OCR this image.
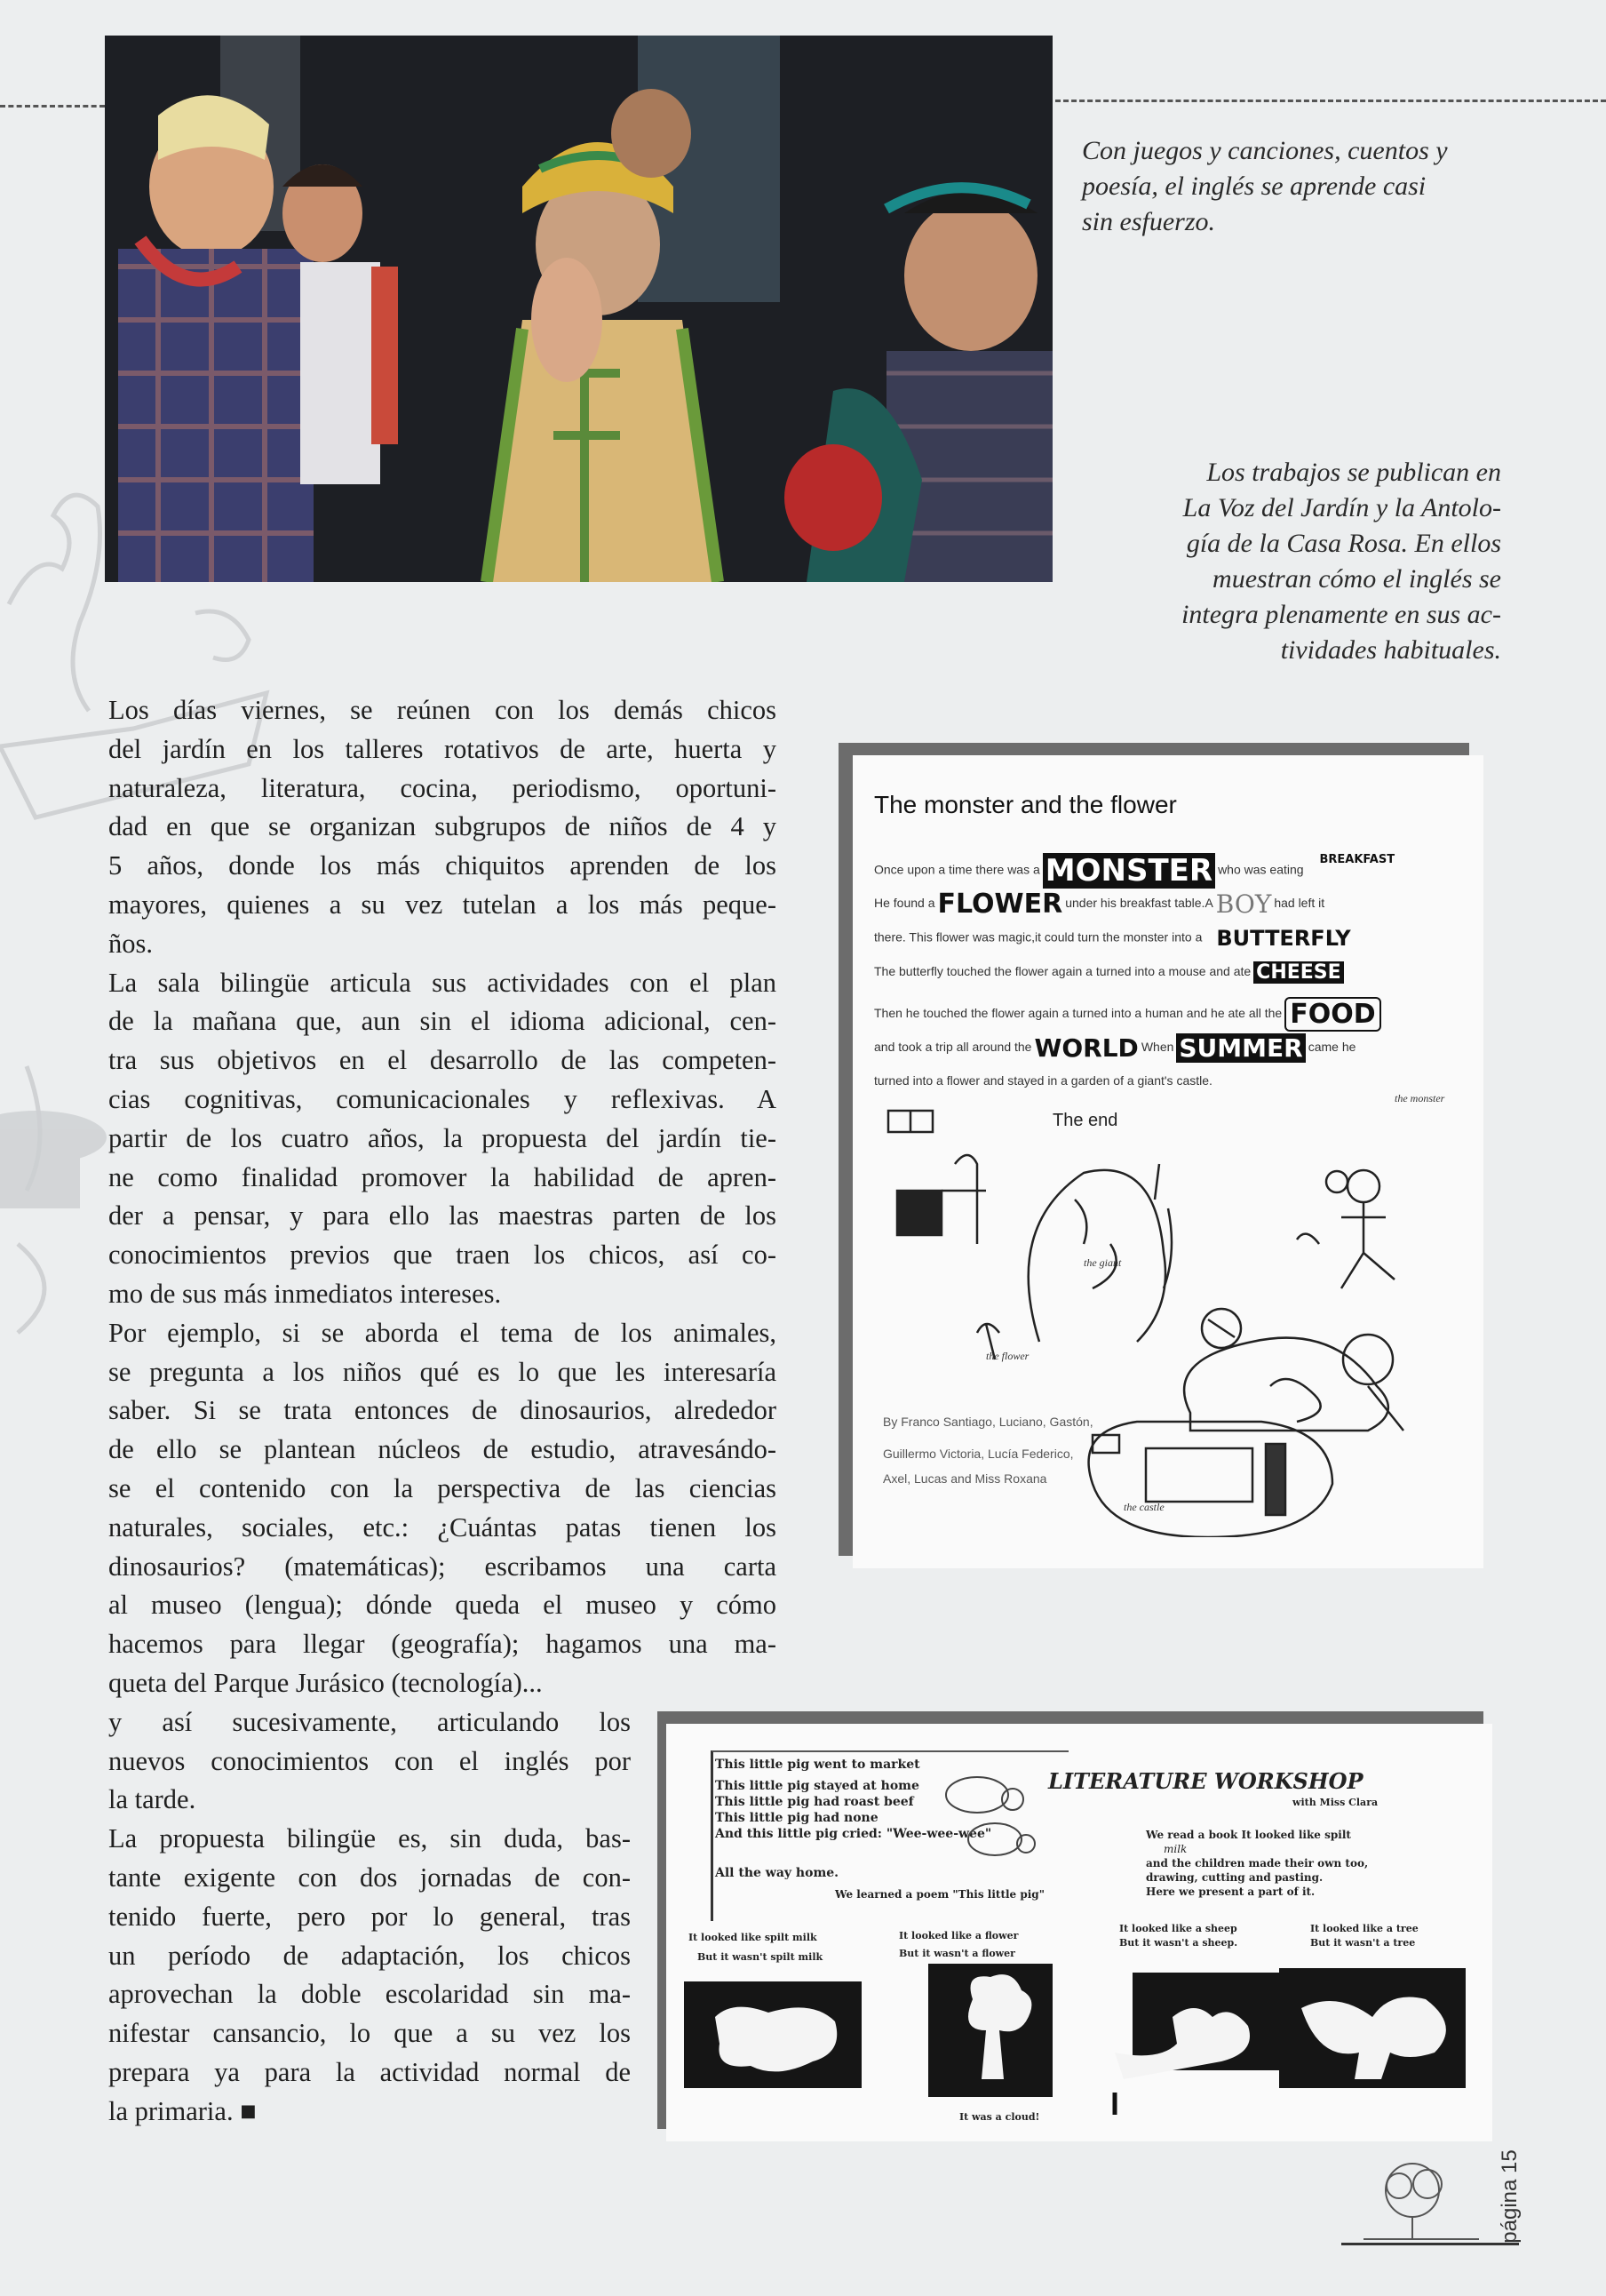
Con juegos y canciones, cuentos y
poesía, el inglés se aprende casi
sin esfuerzo.
Los trabajos se publican en
La Voz del Jardín y la Antolo-
gía de la Casa Rosa. En ellos
muestran cómo el inglés se
integra plenamente en sus ac-
tividades habituales.
Los días viernes, se reúnen con los demás chicos
del jardín en los talleres rotativos de arte, huerta y
naturaleza, literatura, cocina, periodismo, oportuni-
dad en que se organizan subgrupos de niños de 4 y
5 años, donde los más chiquitos aprenden de los
mayores, quienes a su vez tutelan a los más peque-
ños.
La sala bilingüe articula sus actividades con el plan
de la mañana que, aun sin el idioma adicional, cen-
tra sus objetivos en el desarrollo de las competen-
cias cognitivas, comunicacionales y reflexivas. A
partir de los cuatro años, la propuesta del jardín tie-
ne como finalidad promover la habilidad de apren-
der a pensar, y para ello las maestras parten de los
conocimientos previos que traen los chicos, así co-
mo de sus más inmediatos intereses.
Por ejemplo, si se aborda el tema de los animales,
se pregunta a los niños qué es lo que les interesaría
saber. Si se trata entonces de dinosaurios, alrededor
de ello se plantean núcleos de estudio, atravesándo-
se el contenido con la perspectiva de las ciencias
naturales, sociales, etc.: ¿Cuántas patas tienen los
dinosaurios? (matemáticas); escribamos una carta
al museo (lengua); dónde queda el museo y cómo
hacemos para llegar (geografía); hagamos una ma-
queta del Parque Jurásico (tecnología)...
y así sucesivamente, articulando los
nuevos conocimientos con el inglés por
la tarde.
La propuesta bilingüe es, sin duda, bas-
tante exigente con dos jornadas de con-
tenido fuerte, pero por lo general, tras
un período de adaptación, los chicos
aprovechan la doble escolaridad sin ma-
nifestar cansancio, lo que a su vez los
prepara ya para la actividad normal de
la primaria. ■
The monster and the flower
Once upon a time there was a MONSTER who was eating BREAKFAST
He found a FLOWER under his breakfast table.A BOY had left it
there. This flower was magic,it could turn the monster into a BUTTERFLY
The butterfly touched the flower again a turned into a mouse and ate CHEESE
Then he touched the flower again a turned into a human and he ate all the FOOD
and took a trip all around the WORLD When SUMMER came he
turned into a flower and stayed in a garden of a giant's castle.
The end
the castle
the flower
the giant
the monster
By Franco Santiago, Luciano, Gastón,
Guillermo Victoria, Lucía Federico,
Axel, Lucas and Miss Roxana
This little pig went to market
This little pig stayed at home
This little pig had roast beef
This little pig had none
And this little pig cried: "Wee-wee-wee"
All the way home.
We learned a poem "This little pig"
LITERATURE WORKSHOP
with Miss Clara
We read a book It looked like spilt
milk
and the children made their own too,
drawing, cutting and pasting.
Here we present a part of it.
It looked like spilt milk
But it wasn't spilt milk
It looked like a flower
But it wasn't a flower
It looked like a sheep
But it wasn't a sheep.
It looked like a tree
But it wasn't a tree
It was a cloud!
página 15
